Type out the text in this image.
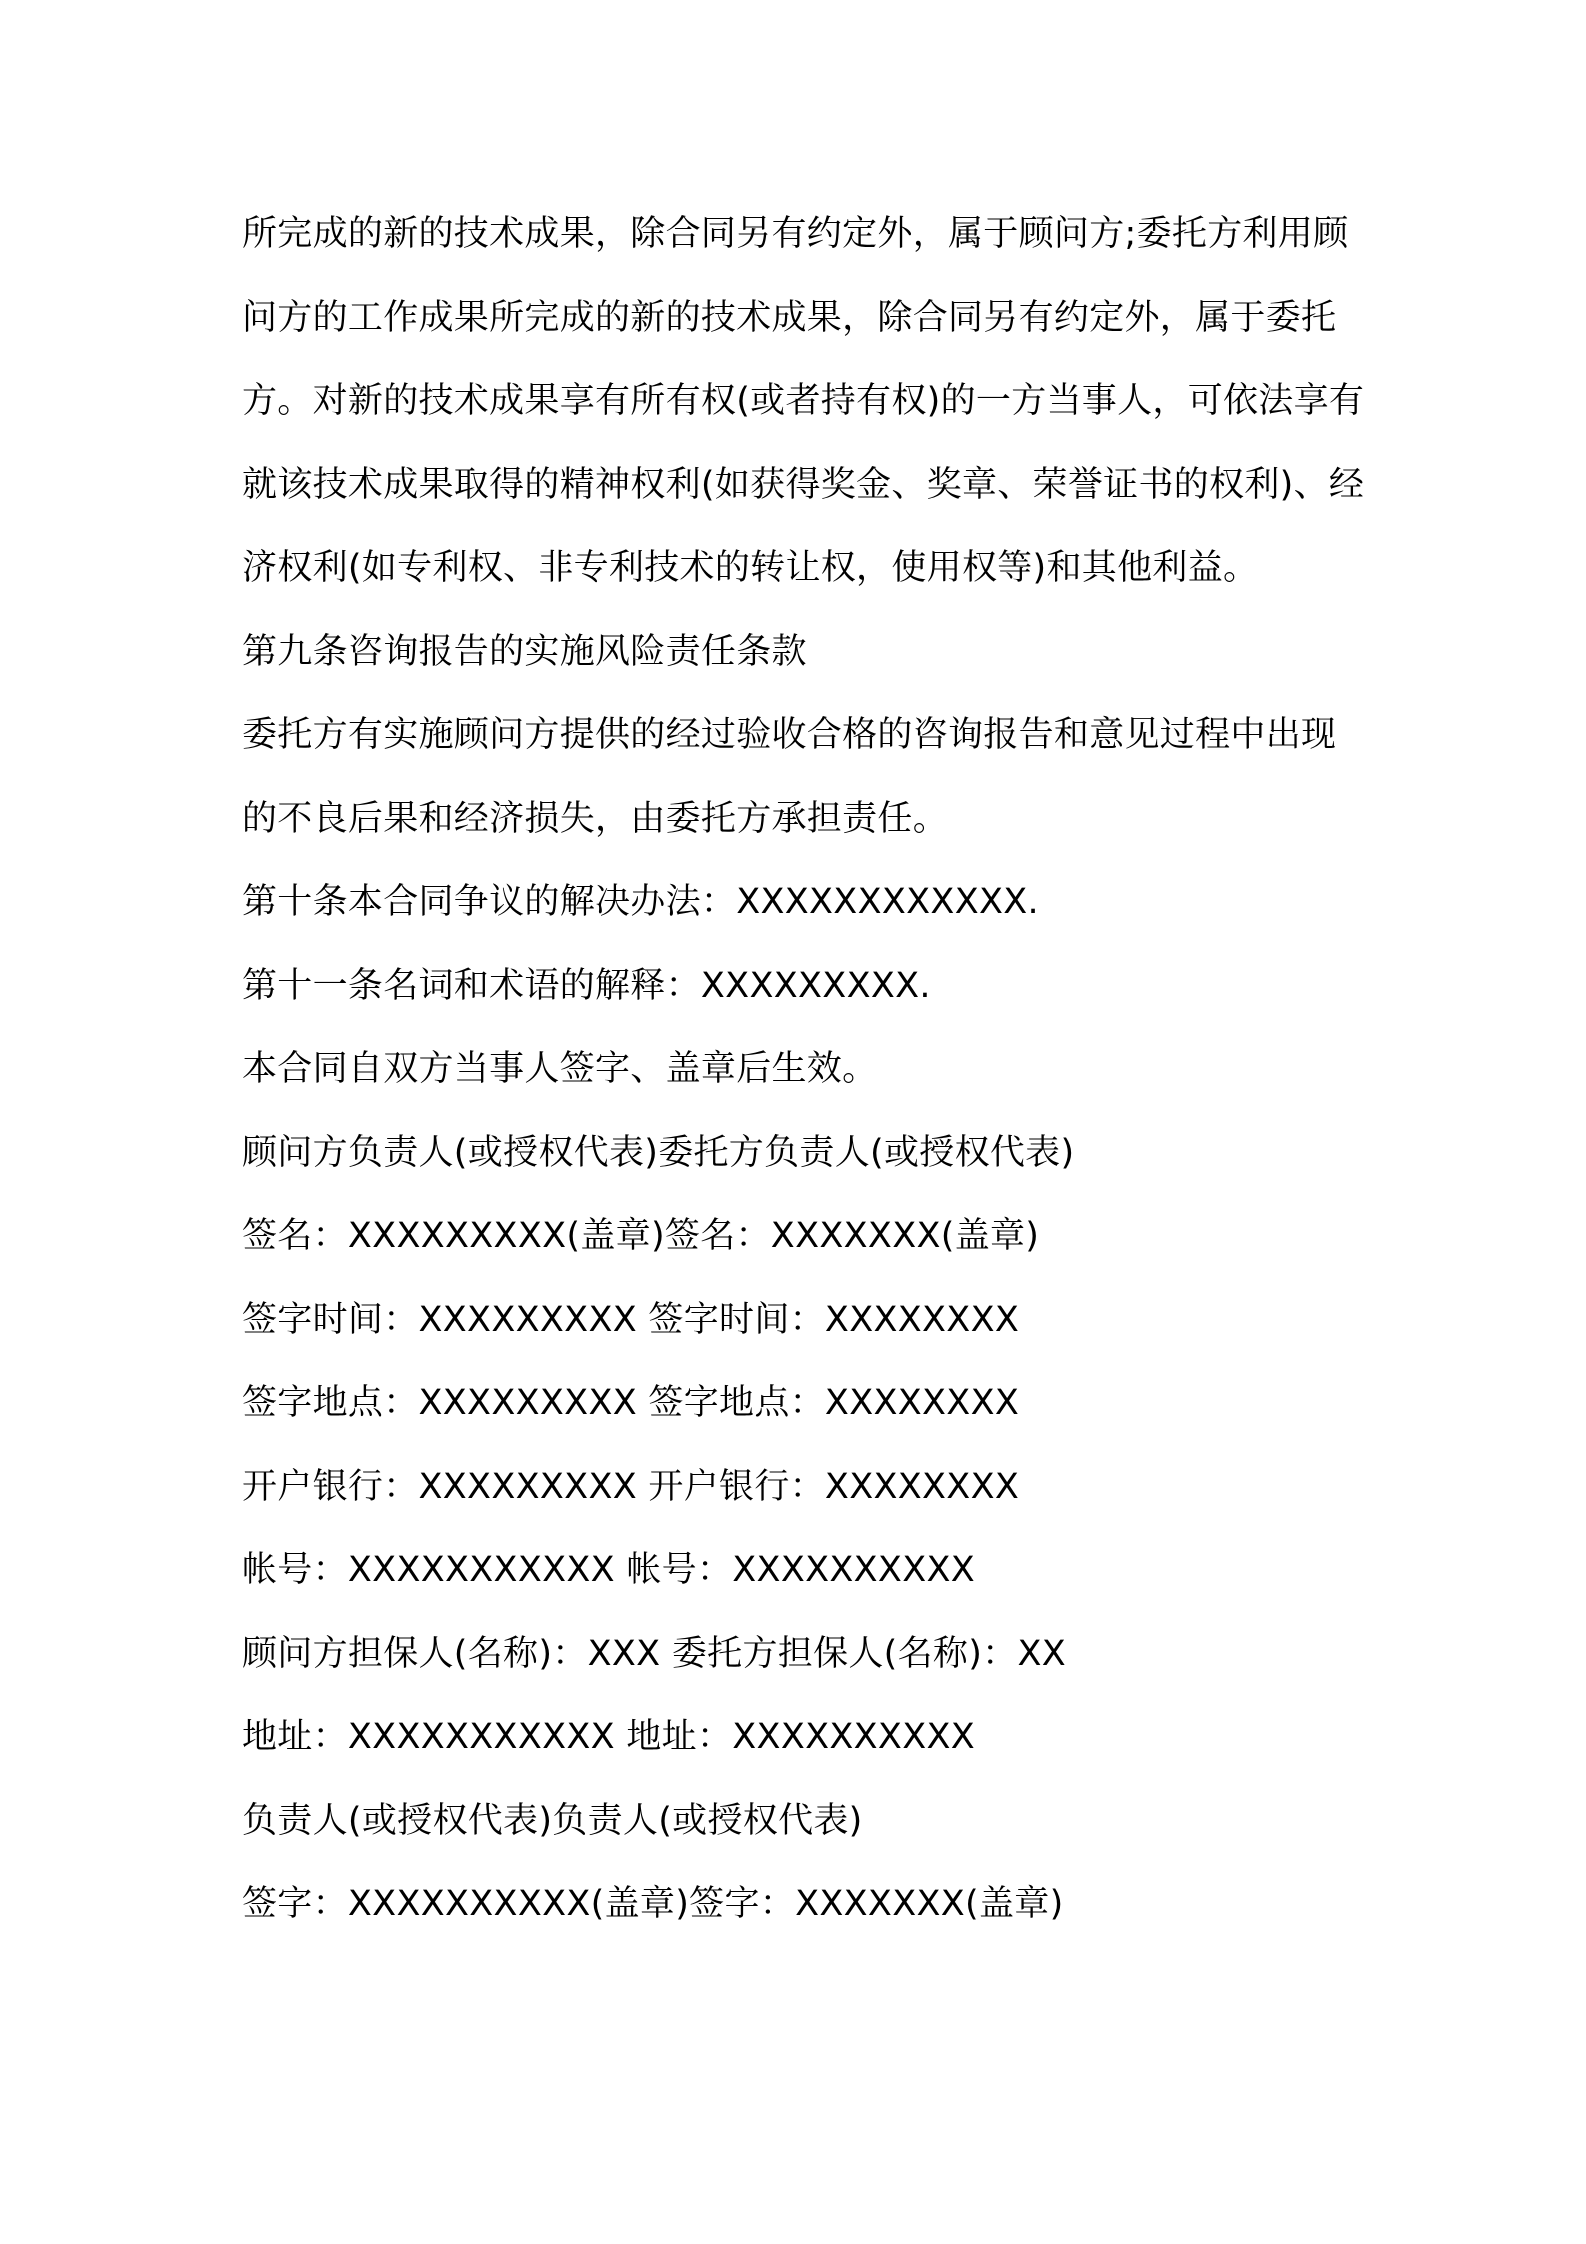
所完成的新的技术成果，除合同另有约定外，属于顾问方;委托方利用顾问方的工作成果所完成的新的技术成果，除合同另有约定外，属于委托方。对新的技术成果享有所有权(或者持有权)的一方当事人，可依法享有就该技术成果取得的精神权利(如获得奖金、奖章、荣誉证书的权利)、经济权利(如专利权、非专利技术的转让权，使用权等)和其他利益。

第九条咨询报告的实施风险责任条款

委托方有实施顾问方提供的经过验收合格的咨询报告和意见过程中出现的不良后果和经济损失，由委托方承担责任。

第十条本合同争议的解决办法：XXXXXXXXXXXX.

第十一条名词和术语的解释：XXXXXXXXX.

本合同自双方当事人签字、盖章后生效。

顾问方负责人(或授权代表)委托方负责人(或授权代表)

签名：XXXXXXXXX(盖章)签名：XXXXXXX(盖章)

签字时间：XXXXXXXXX 签字时间：XXXXXXXX

签字地点：XXXXXXXXX 签字地点：XXXXXXXX

开户银行：XXXXXXXXX 开户银行：XXXXXXXX

帐号：XXXXXXXXXXX 帐号：XXXXXXXXXX

顾问方担保人(名称)：XXX 委托方担保人(名称)：XX

地址：XXXXXXXXXXX 地址：XXXXXXXXXX

负责人(或授权代表)负责人(或授权代表)

签字：XXXXXXXXXX(盖章)签字：XXXXXXX(盖章)
